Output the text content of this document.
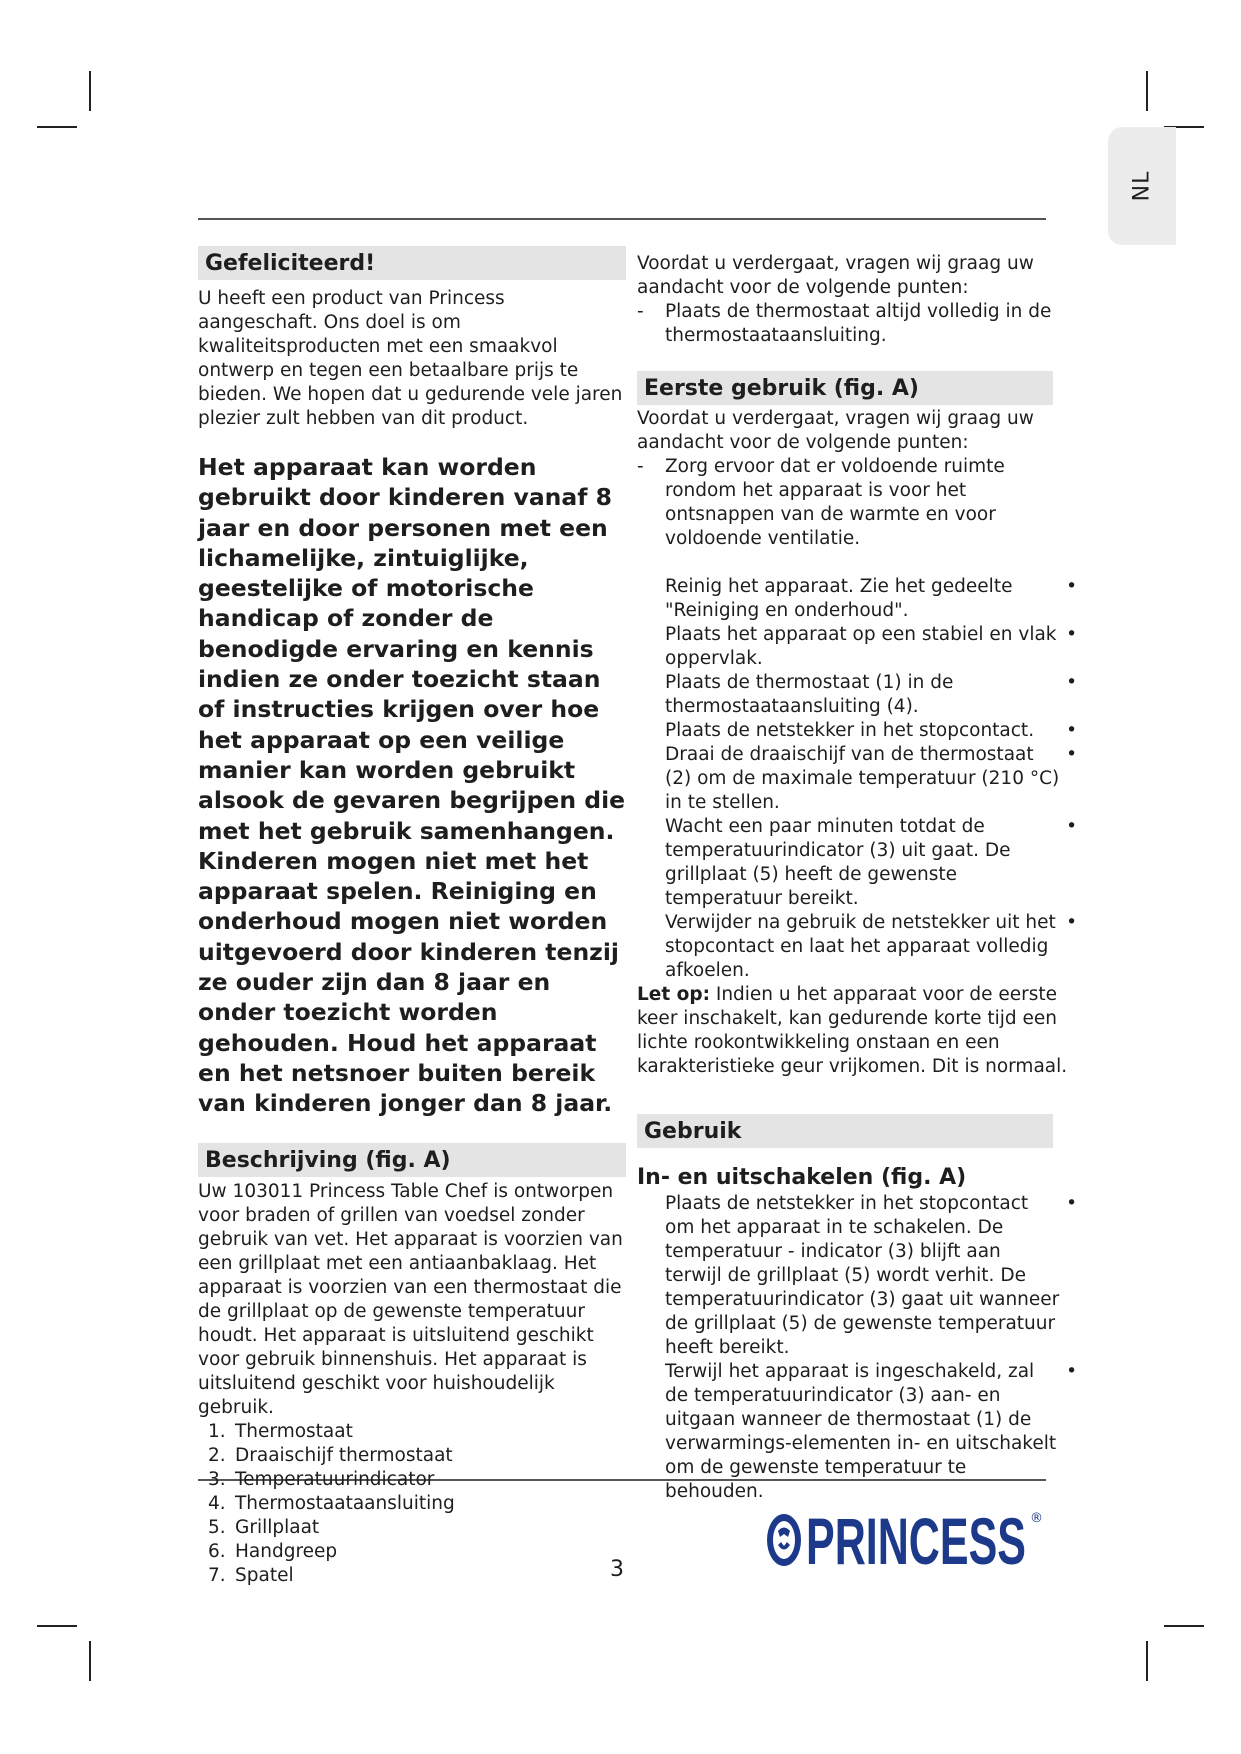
NL
Gefeliciteerd!

U heeft een product van Princess aangeschaft. Ons doel is om kwaliteitsproducten met een smaakvol ontwerp en tegen een betaalbare prijs te bieden. We hopen dat u gedurende vele jaren plezier zult hebben van dit product.

Het apparaat kan worden gebruikt door kinderen vanaf 8 jaar en door personen met een lichamelijke, zintuiglijke, geestelijke of motorische handicap of zonder de benodigde ervaring en kennis indien ze onder toezicht staan of instructies krijgen over hoe het apparaat op een veilige manier kan worden gebruikt alsook de gevaren begrijpen die met het gebruik samenhangen. Kinderen mogen niet met het apparaat spelen. Reiniging en onderhoud mogen niet worden uitgevoerd door kinderen tenzij ze ouder zijn dan 8 jaar en onder toezicht worden gehouden. Houd het apparaat en het netsnoer buiten bereik van kinderen jonger dan 8 jaar.

Beschrijving (fig. A)

Uw 103011 Princess Table Chef is ontworpen voor braden of grillen van voedsel zonder gebruik van vet. Het apparaat is voorzien van een grillplaat met een antiaanbaklaag. Het apparaat is voorzien van een thermostaat die de grillplaat op de gewenste temperatuur houdt. Het apparaat is uitsluitend geschikt voor gebruik binnenshuis. Het apparaat is uitsluitend geschikt voor huishoudelijk gebruik.

1. Thermostaat
2. Draaischijf thermostaat
3. Temperatuurindicator
4. Thermostaataansluiting
5. Grillplaat
6. Handgreep
7. Spatel

Voordat u verdergaat, vragen wij graag uw aandacht voor de volgende punten:

- Plaats de thermostaat altijd volledig in de thermostaataansluiting.
Eerste gebruik (fig. A)

Voordat u verdergaat, vragen wij graag uw aandacht voor de volgende punten:

- Zorg ervoor dat er voldoende ruimte rondom het apparaat is voor het ontsnappen van de warmte en voor voldoende ventilatie.
Reinig het apparaat. Zie het gedeelte "Reiniging en onderhoud".
•
Plaats het apparaat op een stabiel en vlak oppervlak.
•
Plaats de thermostaat (1) in de thermostaataansluiting (4).
•
Plaats de netstekker in het stopcontact. •
Draai de draaischijf van de thermostaat (2) om de maximale temperatuur (210 °C) in te stellen.
•
Wacht een paar minuten totdat de temperatuurindicator (3) uit gaat. De grillplaat (5) heeft de gewenste temperatuur bereikt.
•
Verwijder na gebruik de netstekker uit het stopcontact en laat het apparaat volledig afkoelen.
•

Let op: Indien u het apparaat voor de eerste keer inschakelt, kan gedurende korte tijd een lichte rookontwikkeling onstaan en een karakteristieke geur vrijkomen. Dit is normaal.

Gebruik
In- en uitschakelen (fig. A)
Plaats de netstekker in het stopcontact om het apparaat in te schakelen. De temperatuur - indicator (3) blijft aan terwijl de grillplaat (5) wordt verhit. De temperatuurindicator (3) gaat uit wanneer de grillplaat (5) de gewenste temperatuur heeft bereikt.
•
Terwijl het apparaat is ingeschakeld, zal de temperatuurindicator (3) aan- en uitgaan wanneer de thermostaat (1) de verwarmings-elementen in- en uitschakelt om de gewenste temperatuur te behouden.
•
3	PRINCESS ®
